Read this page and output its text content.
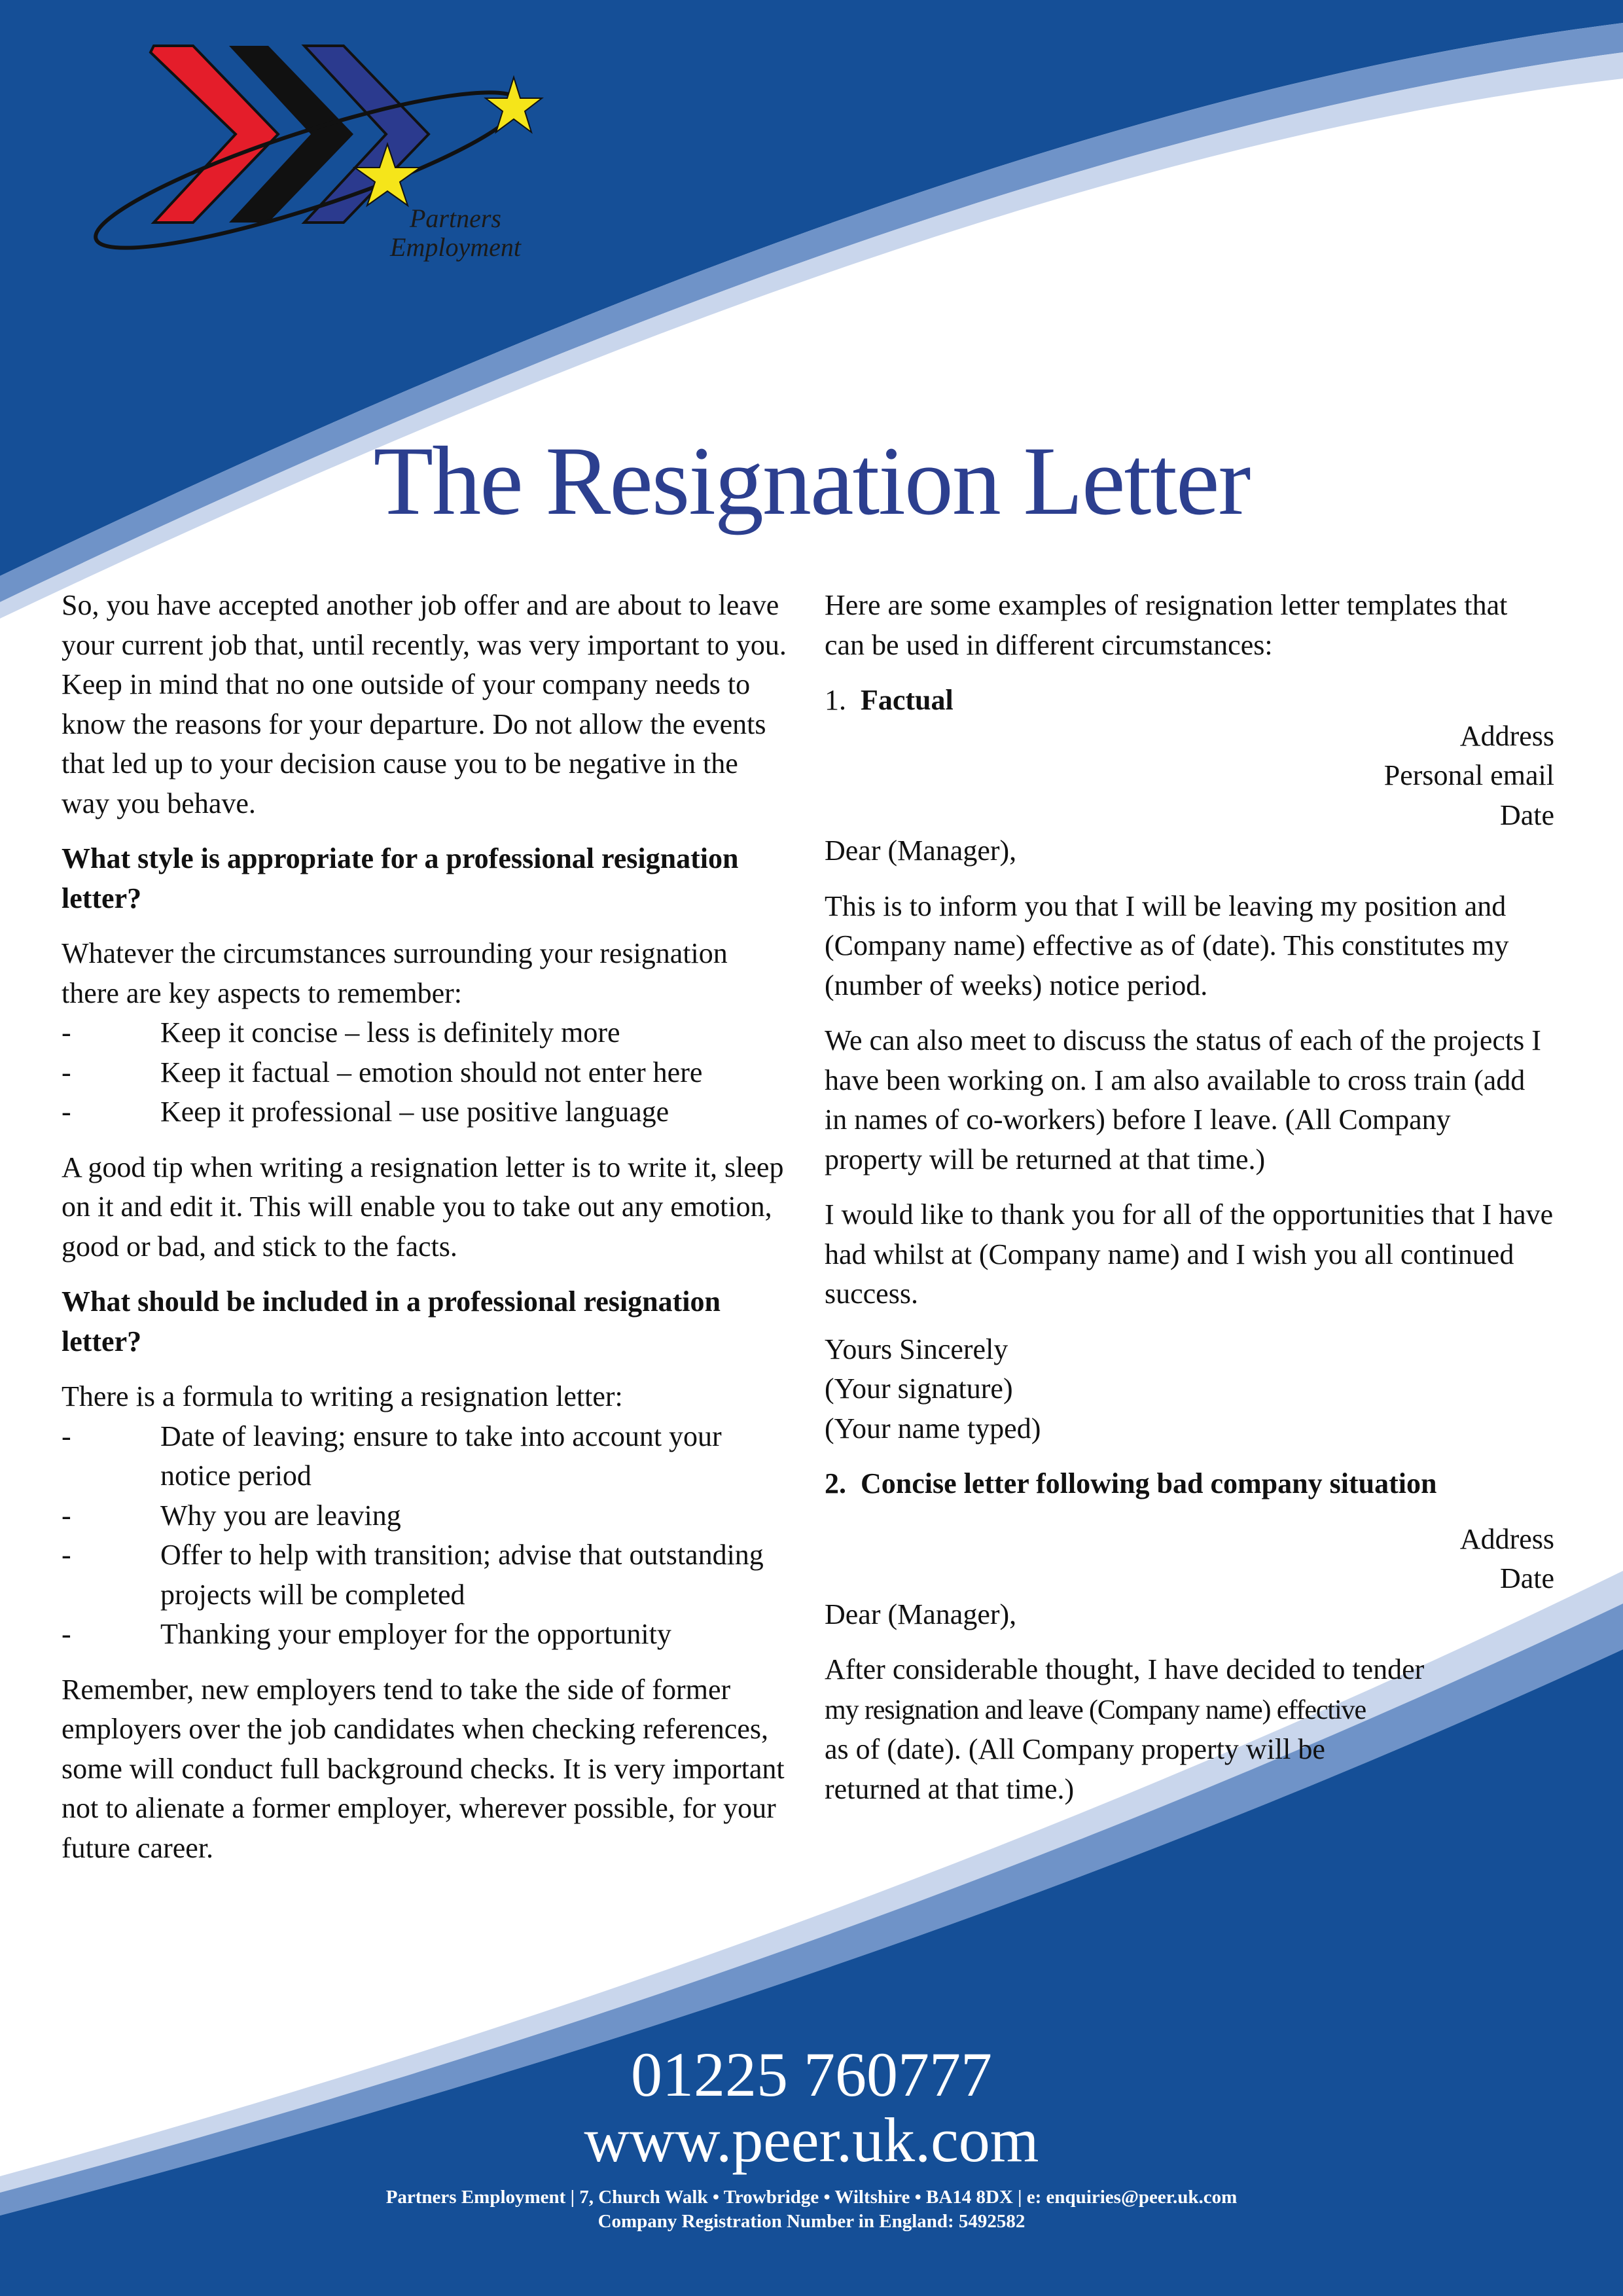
Partners
Employment
The Resignation Letter

So, you have accepted another job offer and are about to leave your current job that, until recently, was very important to you. Keep in mind that no one outside of your company needs to know the reasons for your departure. Do not allow the events that led up to your decision cause you to be negative in the way you behave.

What style is appropriate for a professional resignation letter?

Whatever the circumstances surrounding your resignation there are key aspects to remember:

-	Keep it concise – less is definitely more
-	Keep it factual – emotion should not enter here
-	Keep it professional – use positive language

A good tip when writing a resignation letter is to write it, sleep on it and edit it. This will enable you to take out any emotion, good or bad, and stick to the facts.

What should be included in a professional resignation letter?

There is a formula to writing a resignation letter:

-	Date of leaving; ensure to take into account your notice period
-	Why you are leaving
-	Offer to help with transition; advise that outstanding projects will be completed
-	Thanking your employer for the opportunity

Remember, new employers tend to take the side of former employers over the job candidates when checking references, some will conduct full background checks. It is very important not to alienate a former employer, wherever possible, for your future career.

Here are some examples of resignation letter templates that can be used in different circumstances:

1. Factual
Address
Personal email
Date

Dear (Manager),

This is to inform you that I will be leaving my position and (Company name) effective as of (date). This constitutes my (number of weeks) notice period.

We can also meet to discuss the status of each of the projects I have been working on. I am also available to cross train (add in names of co-workers) before I leave. (All Company property will be returned at that time.)

I would like to thank you for all of the opportunities that I have had whilst at (Company name) and I wish you all continued success.

Yours Sincerely
(Your signature)
(Your name typed)

2. Concise letter following bad company situation
Address
Date

Dear (Manager),

After considerable thought, I have decided to tender
my resignation and leave (Company name) effective
as of (date). (All Company property will be
returned at that time.)

01225 760777
www.peer.uk.com
Partners Employment | 7, Church Walk • Trowbridge • Wiltshire • BA14 8DX | e: enquiries@peer.uk.com
Company Registration Number in England: 5492582
